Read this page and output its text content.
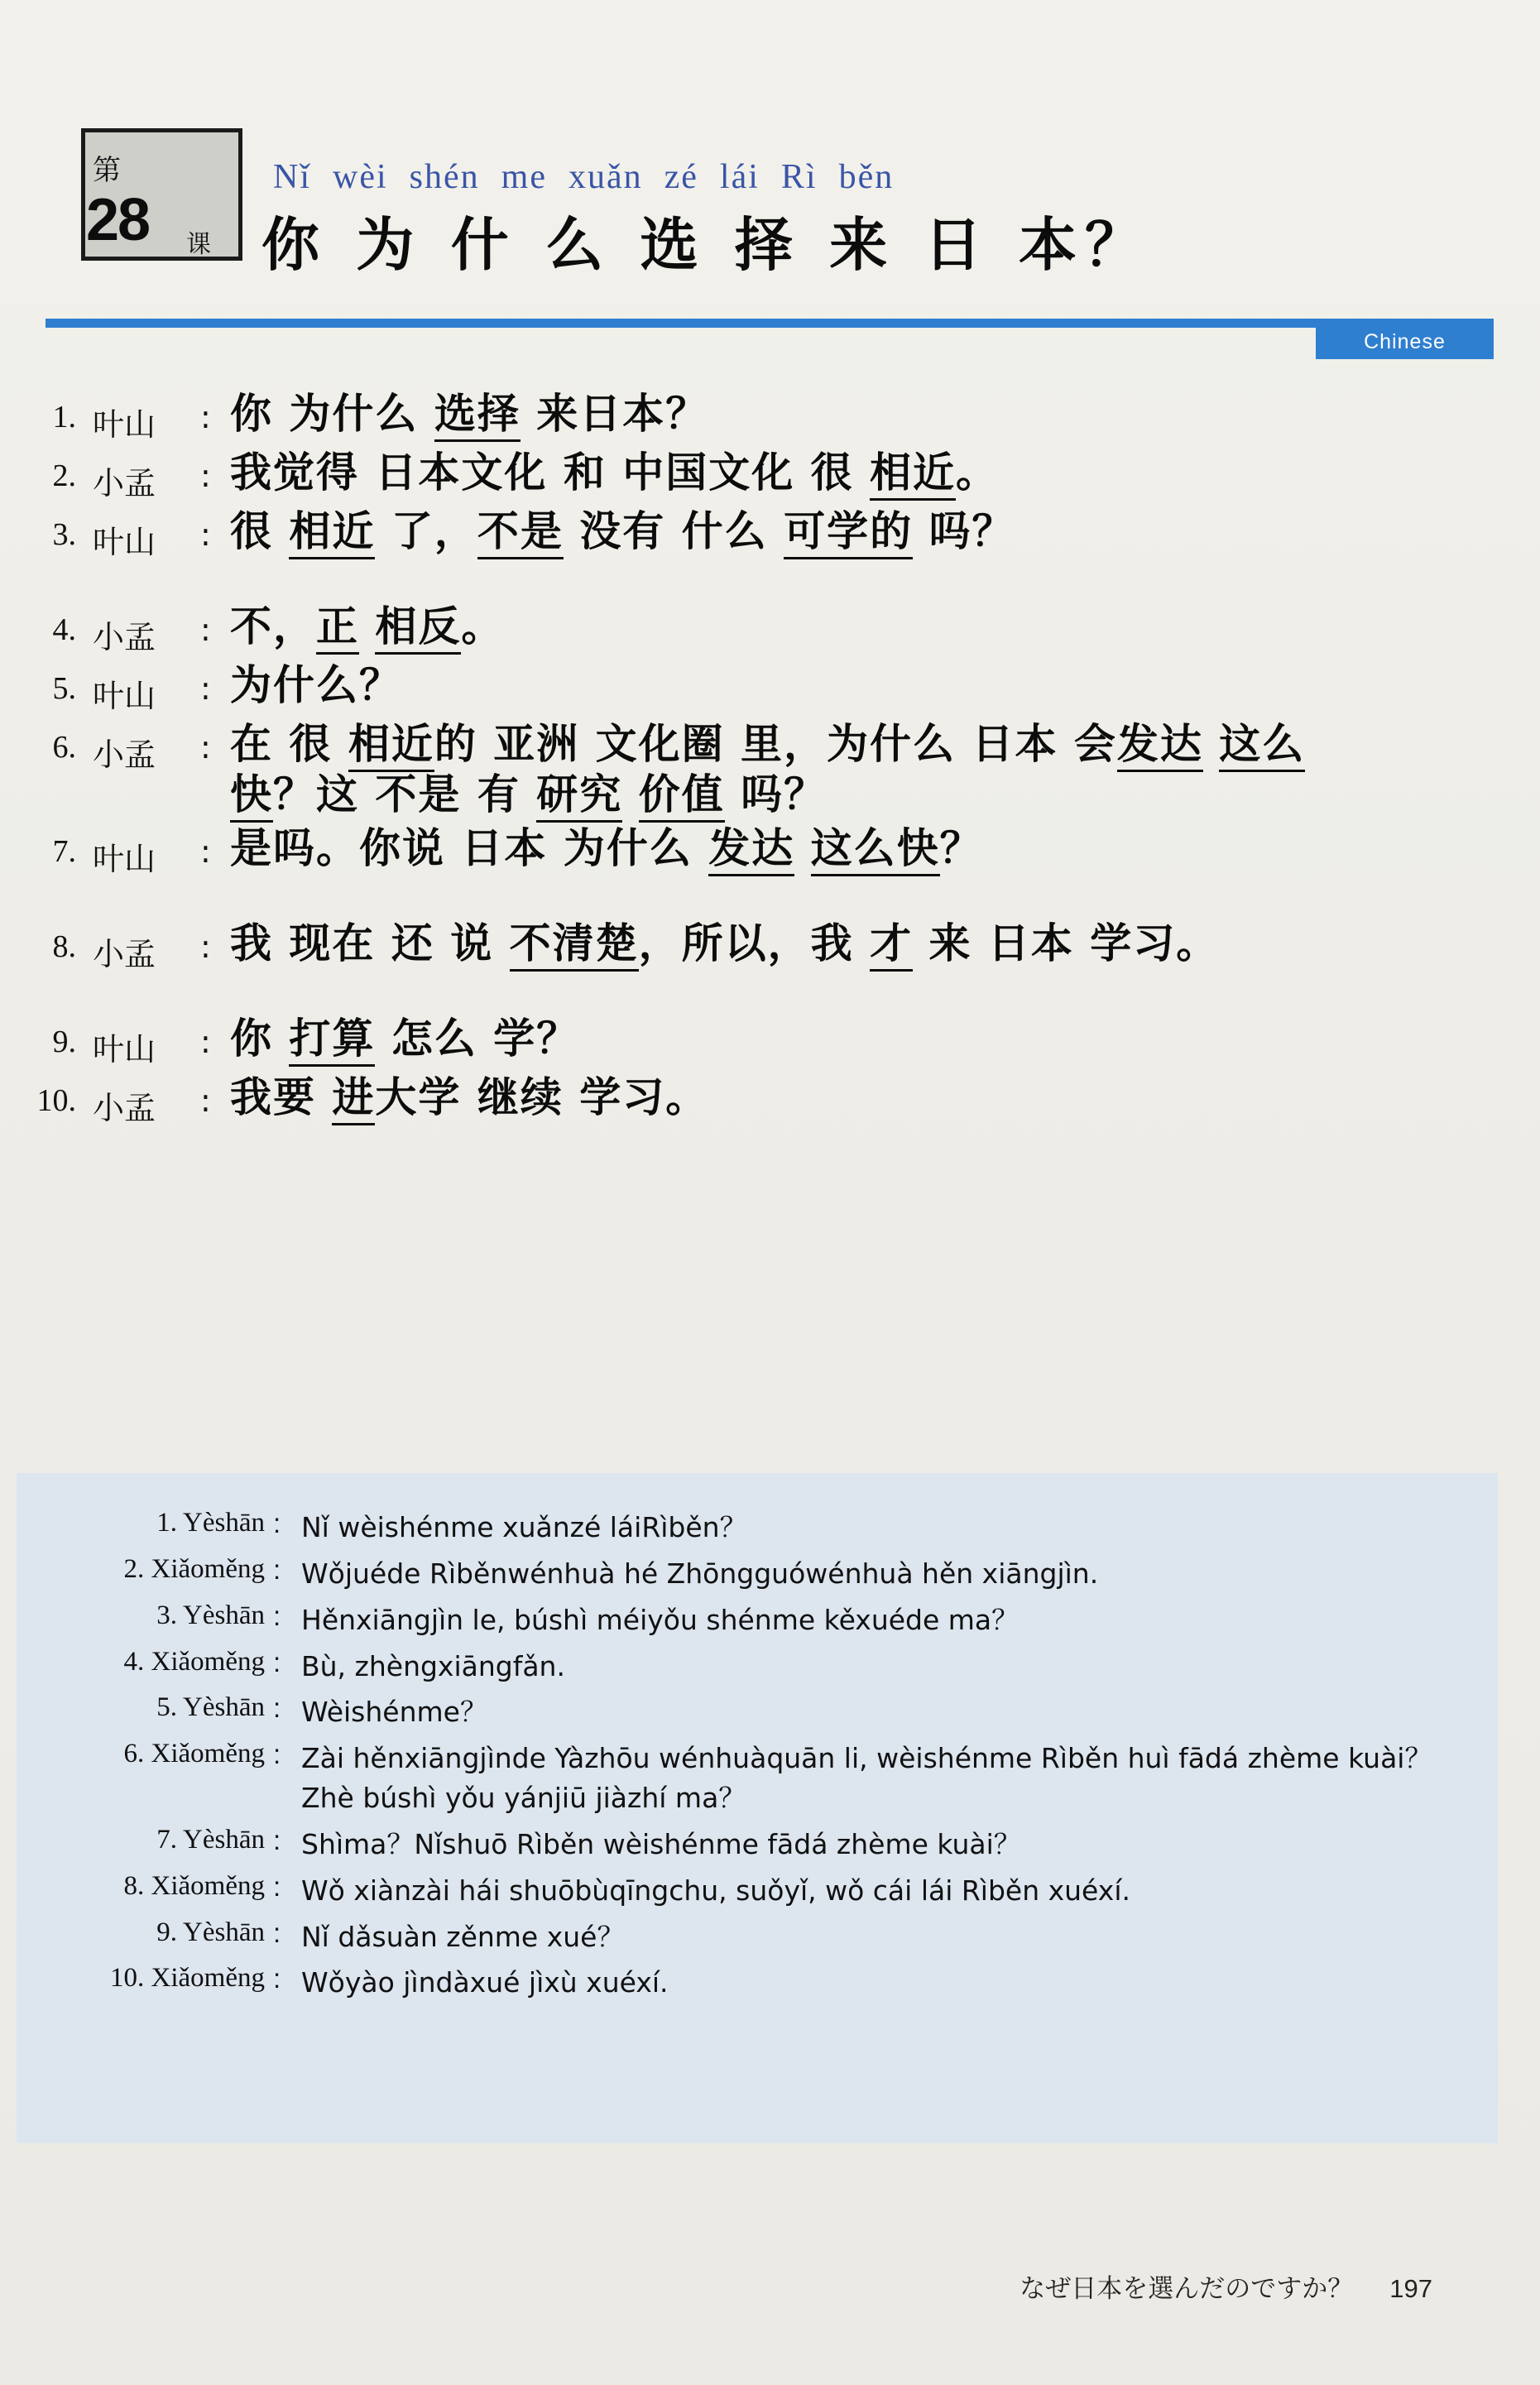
第
28 课
Nǐ wèi shén me xuǎn zé lái Rì běn
你 为 什 么 选 择 来 日 本？
Chinese
1. 叶山	: 你 为什么 选择 来日本？
2. 小孟	: 我觉得 日本文化 和 中国文化 很 相近。
3. 叶山	: 很 相近 了，不是 没有 什么 可学的 吗？
4. 小孟	: 不，正 相反。
5. 叶山	: 为什么？
6. 小孟	: 在 很 相近的 亚洲 文化圈 里，为什么 日本 会发达 这么快？这 不是 有 研究 价值 吗？
7. 叶山	: 是吗。你说 日本 为什么 发达 这么快？
8. 小孟	: 我 现在 还 说 不清楚，所以，我 才 来 日本 学习。
9. 叶山	: 你 打算 怎么 学？
10. 小孟	: 我要 进大学 继续 学习。
1. Yèshān : Nǐ wèishénme xuǎnzé láiRìběn？
2. Xiǎoměng : Wǒjuéde Rìběnwénhuà hé Zhōngguówénhuà hěn xiāngjìn.
3. Yèshān : Hěnxiāngjìn le, búshì méiyǒu shénme kěxuéde ma？
4. Xiǎoměng : Bù, zhèngxiāngfǎn.
5. Yèshān : Wèishénme？
6. Xiǎoměng : Zài hěnxiāngjìnde Yàzhōu wénhuàquān li, wèishénme Rìběn huì fādá zhème kuài？Zhè búshì yǒu yánjiū jiàzhí ma？
7. Yèshān : Shìma？Nǐshuō Rìběn wèishénme fādá zhème kuài？
8. Xiǎoměng : Wǒ xiànzài hái shuōbùqīngchu, suǒyǐ, wǒ cái lái Rìběn xuéxí.
9. Yèshān : Nǐ dǎsuàn zěnme xué？
10. Xiǎoměng : Wǒyào jìndàxué jìxù xuéxí.
なぜ日本を選んだのですか？ 197
